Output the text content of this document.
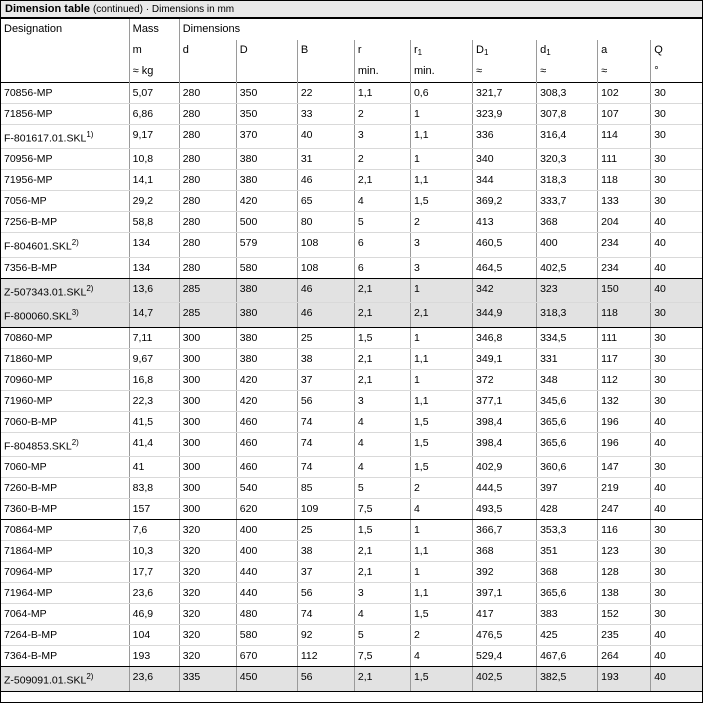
Dimension table (continued) · Dimensions in mm
Designation	Mass	Dimensions								
	m	d	D	B	r	$r_1$	$D_1$	$d_1$	a	Q
	≈ kg				min.	min.	≈	≈	≈	°
70856-MP	5,07	280	350	22	1,1	0,6	321,7	308,3	102	30
71856-MP	6,86	280	350	33	2	1	323,9	307,8	107	30
F-801617.01.SKL$^{1)}$	9,17	280	370	40	3	1,1	336	316,4	114	30
70956-MP	10,8	280	380	31	2	1	340	320,3	111	30
71956-MP	14,1	280	380	46	2,1	1,1	344	318,3	118	30
7056-MP	29,2	280	420	65	4	1,5	369,2	333,7	133	30
7256-B-MP	58,8	280	500	80	5	2	413	368	204	40
F-804601.SKL$^{2)}$	134	280	579	108	6	3	460,5	400	234	40
7356-B-MP	134	280	580	108	6	3	464,5	402,5	234	40
Z-507343.01.SKL$^{2)}$	13,6	285	380	46	2,1	1	342	323	150	40
F-800060.SKL$^{3)}$	14,7	285	380	46	2,1	2,1	344,9	318,3	118	30
70860-MP	7,11	300	380	25	1,5	1	346,8	334,5	111	30
71860-MP	9,67	300	380	38	2,1	1,1	349,1	331	117	30
70960-MP	16,8	300	420	37	2,1	1	372	348	112	30
71960-MP	22,3	300	420	56	3	1,1	377,1	345,6	132	30
7060-B-MP	41,5	300	460	74	4	1,5	398,4	365,6	196	40
F-804853.SKL$^{2)}$	41,4	300	460	74	4	1,5	398,4	365,6	196	40
7060-MP	41	300	460	74	4	1,5	402,9	360,6	147	30
7260-B-MP	83,8	300	540	85	5	2	444,5	397	219	40
7360-B-MP	157	300	620	109	7,5	4	493,5	428	247	40
70864-MP	7,6	320	400	25	1,5	1	366,7	353,3	116	30
71864-MP	10,3	320	400	38	2,1	1,1	368	351	123	30
70964-MP	17,7	320	440	37	2,1	1	392	368	128	30
71964-MP	23,6	320	440	56	3	1,1	397,1	365,6	138	30
7064-MP	46,9	320	480	74	4	1,5	417	383	152	30
7264-B-MP	104	320	580	92	5	2	476,5	425	235	40
7364-B-MP	193	320	670	112	7,5	4	529,4	467,6	264	40
Z-509091.01.SKL$^{2)}$	23,6	335	450	56	2,1	1,5	402,5	382,5	193	40
